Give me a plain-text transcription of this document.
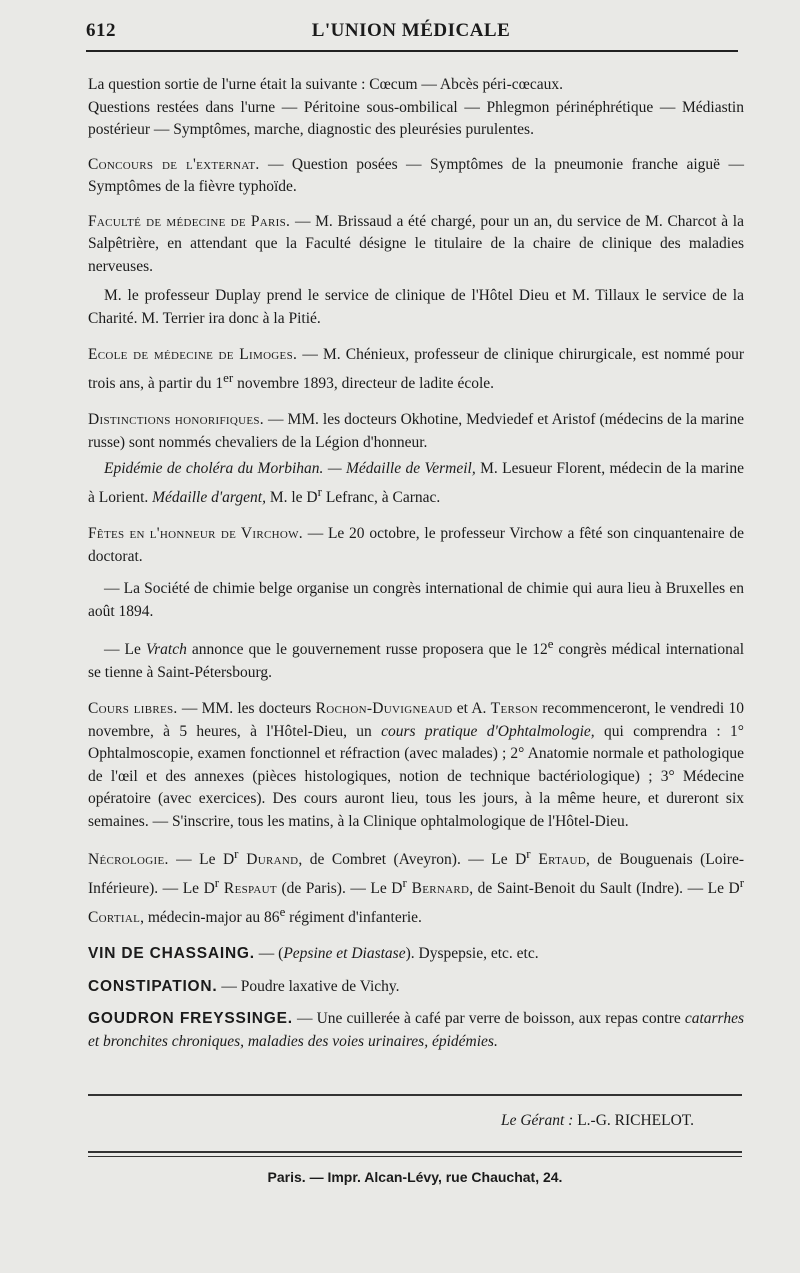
612	L'UNION MÉDICALE

La question sortie de l'urne était la suivante : Cœcum — Abcès péri-cœcaux.

Questions restées dans l'urne — Péritoine sous-ombilical — Phlegmon périnéphrétique — Médiastin postérieur — Symptômes, marche, diagnostic des pleurésies purulentes.

Concours de l'externat. — Question posées — Symptômes de la pneumonie franche aiguë — Symptômes de la fièvre typhoïde.

Faculté de médecine de Paris. — M. Brissaud a été chargé, pour un an, du service de M. Charcot à la Salpêtrière, en attendant que la Faculté désigne le titulaire de la chaire de clinique des maladies nerveuses.

M. le professeur Duplay prend le service de clinique de l'Hôtel Dieu et M. Tillaux le service de la Charité. M. Terrier ira donc à la Pitié.

Ecole de médecine de Limoges. — M. Chénieux, professeur de clinique chirurgicale, est nommé pour trois ans, à partir du 1er novembre 1893, directeur de ladite école.

Distinctions honorifiques. — MM. les docteurs Okhotine, Medviedef et Aristof (médecins de la marine russe) sont nommés chevaliers de la Légion d'honneur.

Epidémie de choléra du Morbihan. — Médaille de Vermeil, M. Lesueur Florent, médecin de la marine à Lorient. Médaille d'argent, M. le $D^r$ Lefranc, à Carnac.

Fêtes en l'honneur de Virchow. — Le 20 octobre, le professeur Virchow a fêté son cinquantenaire de doctorat.

— La Société de chimie belge organise un congrès international de chimie qui aura lieu à Bruxelles en août 1894.

— Le Vratch annonce que le gouvernement russe proposera que le 12e congrès médical international se tienne à Saint-Pétersbourg.

Cours libres. — MM. les docteurs Rochon-Duvigneaud et A. Terson recommenceront, le vendredi 10 novembre, à 5 heures, à l'Hôtel-Dieu, un cours pratique d'Ophtalmologie, qui comprendra : 1° Ophtalmoscopie, examen fonctionnel et réfraction (avec malades) ; 2° Anatomie normale et pathologique de l'œil et des annexes (pièces histologiques, notion de technique bactériologique) ; 3° Médecine opératoire (avec exercices). Des cours auront lieu, tous les jours, à la même heure, et dureront six semaines. — S'inscrire, tous les matins, à la Clinique ophtalmologique de l'Hôtel-Dieu.

Nécrologie. — Le $D^r$ Durand, de Combret (Aveyron). — Le $D^r$ Ertaud, de Bouguenais (Loire-Inférieure). — Le $D^r$ Respaut (de Paris). — Le $D^r$ Bernard, de Saint-Benoit du Sault (Indre). — Le $D^r$ Cortial, médecin-major au 86e régiment d'infanterie.

VIN DE CHASSAING. — (Pepsine et Diastase). Dyspepsie, etc. etc.

CONSTIPATION. — Poudre laxative de Vichy.

GOUDRON FREYSSINGE. — Une cuillerée à café par verre de boisson, aux repas contre catarrhes et bronchites chroniques, maladies des voies urinaires, épidémies.

Le Gérant : L.-G. RICHELOT.
Paris. — Impr. Alcan-Lévy, rue Chauchat, 24.
